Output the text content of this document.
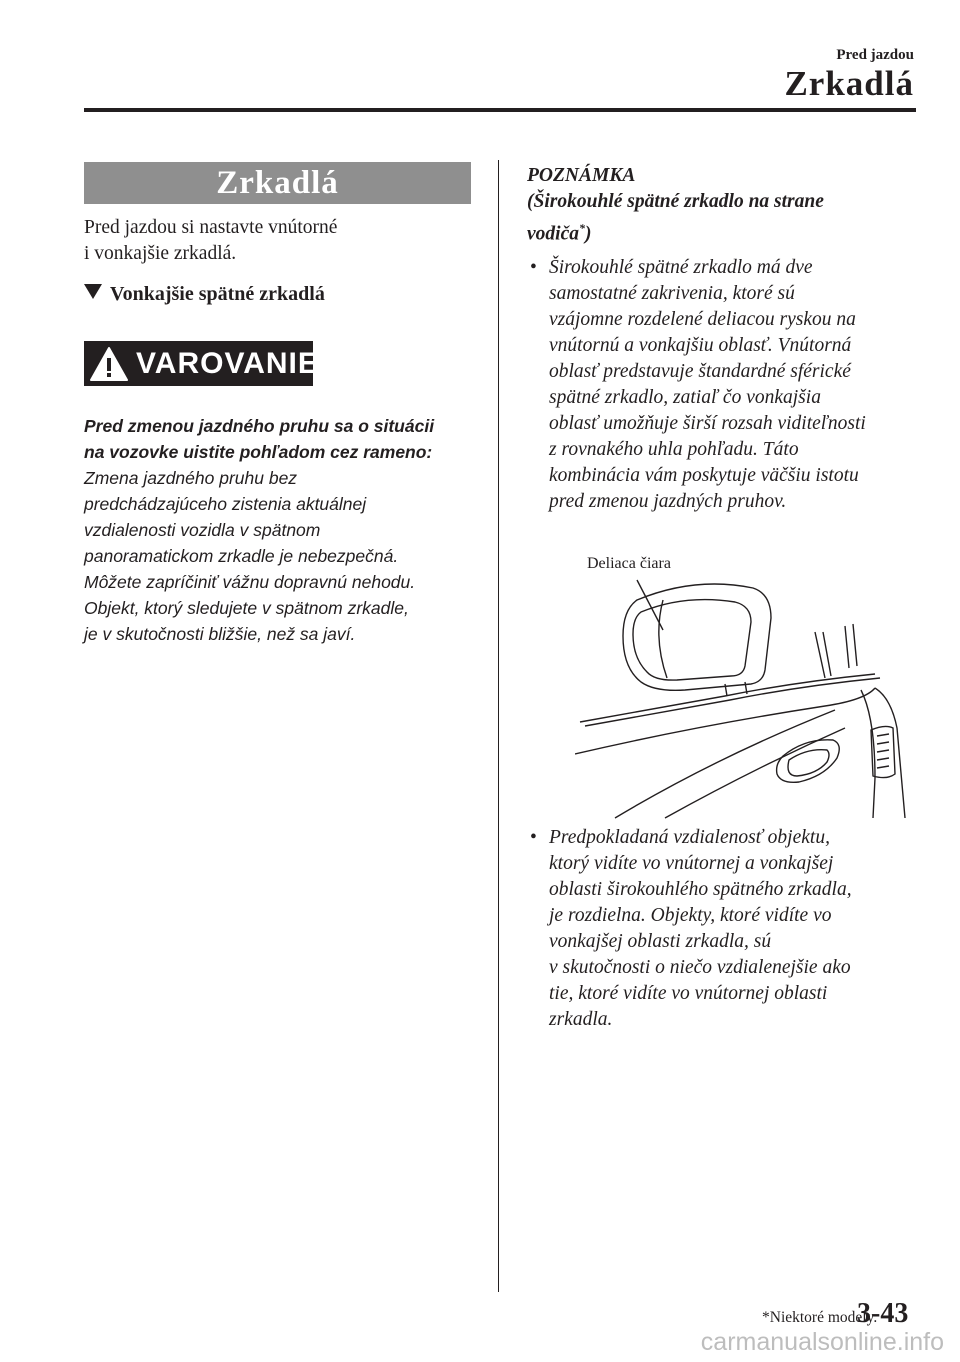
Pred jazdou
Zrkadlá
Zrkadlá
Pred jazdou si nastavte vnútorné
i vonkajšie zrkadlá.
Vonkajšie spätné zrkadlá
VAROVANIE
Pred zmenou jazdného pruhu sa o situácii
na vozovke uistite pohľadom cez rameno:
Zmena jazdného pruhu bez
predchádzajúceho zistenia aktuálnej
vzdialenosti vozidla v spätnom
panoramatickom zrkadle je nebezpečná.
Môžete zapríčiniť vážnu dopravnú nehodu.
Objekt, ktorý sledujete v spätnom zrkadle,
je v skutočnosti bližšie, než sa javí.
POZNÁMKA
(Širokouhlé spätné zrkadlo na strane
vodiča*)
• Širokouhlé spätné zrkadlo má dve
samostatné zakrivenia, ktoré sú
vzájomne rozdelené deliacou ryskou na
vnútornú a vonkajšiu oblasť. Vnútorná
oblasť predstavuje štandardné sférické
spätné zrkadlo, zatiaľ čo vonkajšia
oblasť umožňuje širší rozsah viditeľnosti
z rovnakého uhla pohľadu. Táto
kombinácia vám poskytuje väčšiu istotu
pred zmenou jazdných pruhov.
Deliaca čiara
• Predpokladaná vzdialenosť objektu,
ktorý vidíte vo vnútornej a vonkajšej
oblasti širokouhlého spätného zrkadla,
je rozdielna. Objekty, ktoré vidíte vo
vonkajšej oblasti zrkadla, sú
v skutočnosti o niečo vzdialenejšie ako
tie, ktoré vidíte vo vnútornej oblasti
zrkadla.
*Niektoré modely.
3-43
carmanualsonline.info
